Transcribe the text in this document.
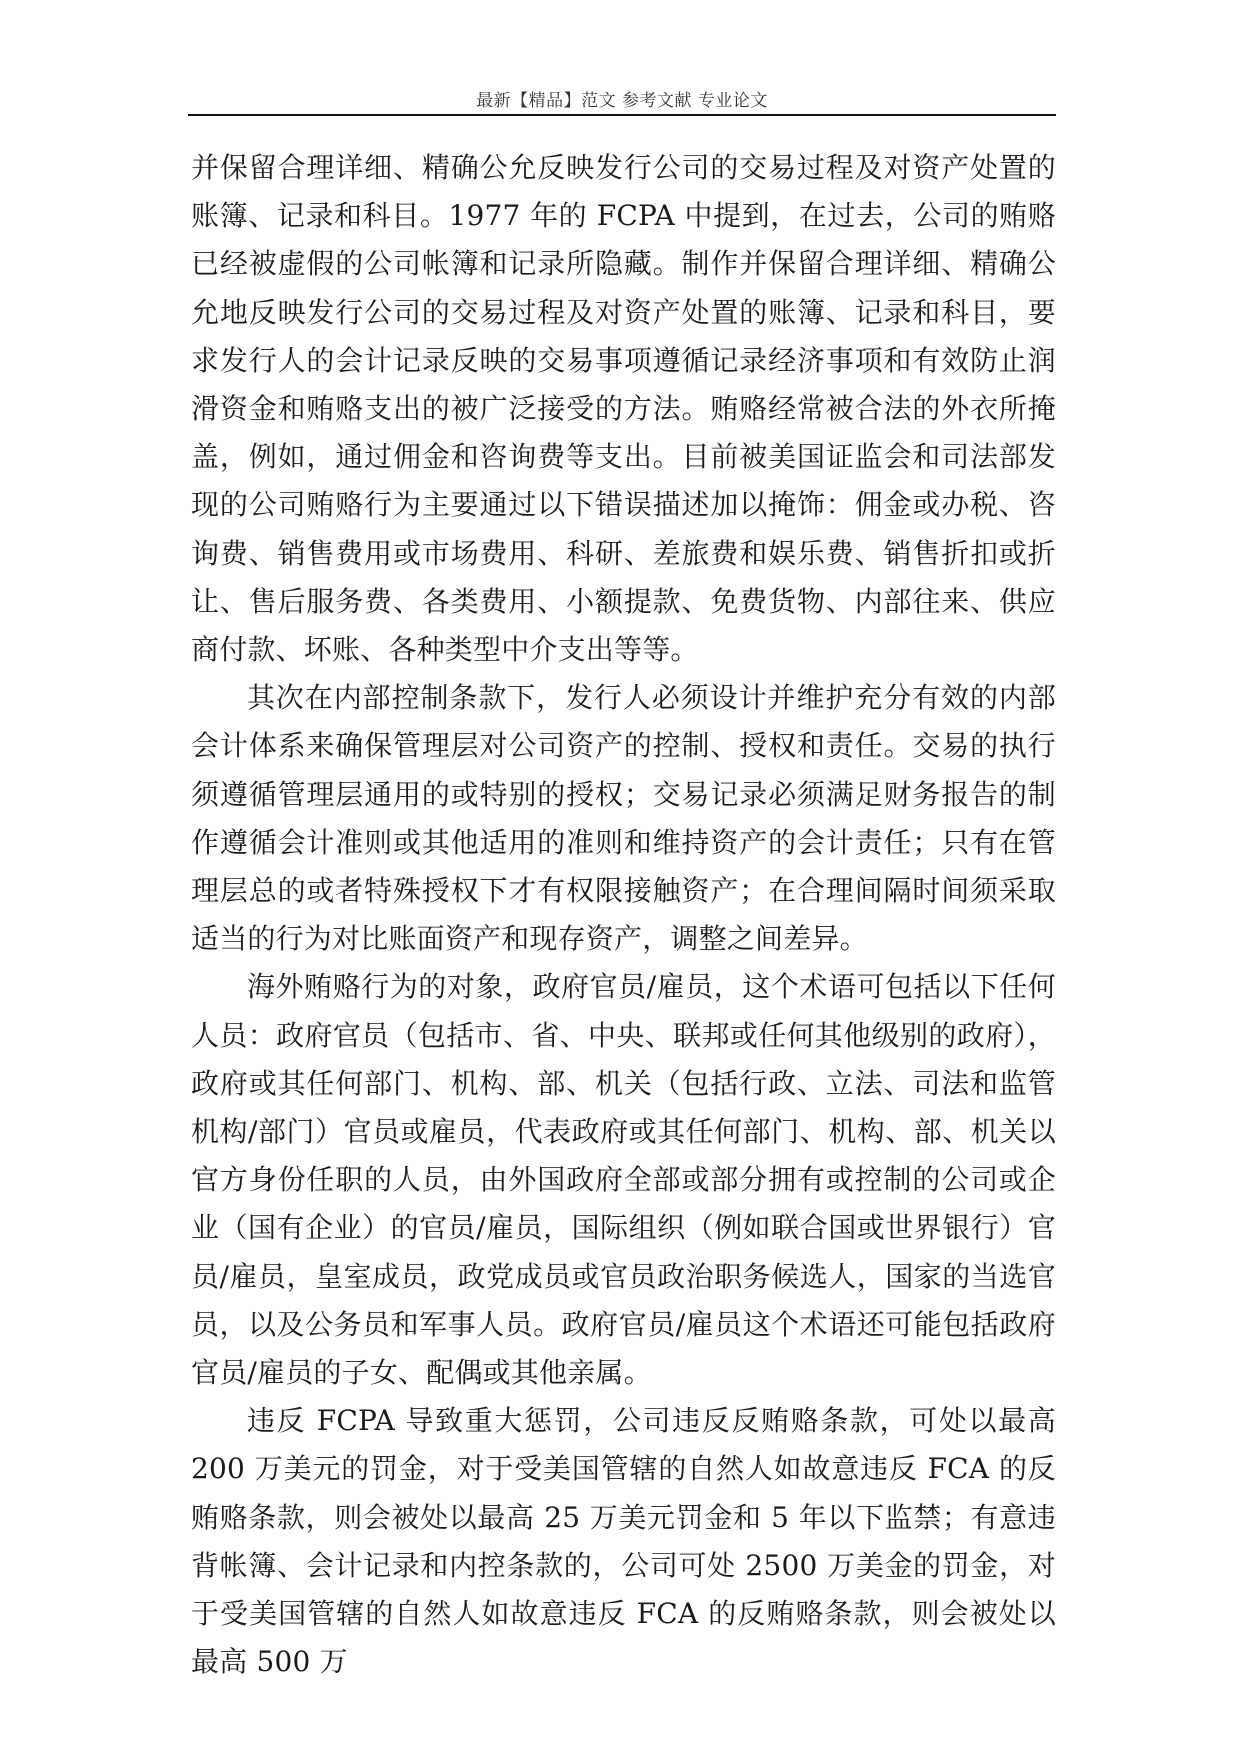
最新【精品】范文 参考文献 专业论文

并保留合理详细、精确公允反映发行公司的交易过程及对资产处置的账簿、记录和科目。1977 年的 FCPA 中提到，在过去，公司的贿赂已经被虚假的公司帐簿和记录所隐藏。制作并保留合理详细、精确公允地反映发行公司的交易过程及对资产处置的账簿、记录和科目，要求发行人的会计记录反映的交易事项遵循记录经济事项和有效防止润滑资金和贿赂支出的被广泛接受的方法。贿赂经常被合法的外衣所掩盖，例如，通过佣金和咨询费等支出。目前被美国证监会和司法部发现的公司贿赂行为主要通过以下错误描述加以掩饰：佣金或办税、咨询费、销售费用或市场费用、科研、差旅费和娱乐费、销售折扣或折让、售后服务费、各类费用、小额提款、免费货物、内部往来、供应商付款、坏账、各种类型中介支出等等。

其次在内部控制条款下，发行人必须设计并维护充分有效的内部会计体系来确保管理层对公司资产的控制、授权和责任。交易的执行须遵循管理层通用的或特别的授权；交易记录必须满足财务报告的制作遵循会计准则或其他适用的准则和维持资产的会计责任；只有在管理层总的或者特殊授权下才有权限接触资产；在合理间隔时间须采取适当的行为对比账面资产和现存资产，调整之间差异。

海外贿赂行为的对象，政府官员/雇员，这个术语可包括以下任何人员：政府官员（包括市、省、中央、联邦或任何其他级别的政府），政府或其任何部门、机构、部、机关（包括行政、立法、司法和监管机构/部门）官员或雇员，代表政府或其任何部门、机构、部、机关以官方身份任职的人员，由外国政府全部或部分拥有或控制的公司或企业（国有企业）的官员/雇员，国际组织（例如联合国或世界银行）官员/雇员，皇室成员，政党成员或官员政治职务候选人，国家的当选官员，以及公务员和军事人员。政府官员/雇员这个术语还可能包括政府官员/雇员的子女、配偶或其他亲属。

违反 FCPA 导致重大惩罚，公司违反反贿赂条款，可处以最高 200 万美元的罚金，对于受美国管辖的自然人如故意违反 FCA 的反贿赂条款，则会被处以最高 25 万美元罚金和 5 年以下监禁；有意违背帐簿、会计记录和内控条款的，公司可处 2500 万美金的罚金，对于受美国管辖的自然人如故意违反 FCA 的反贿赂条款，则会被处以最高 500 万
